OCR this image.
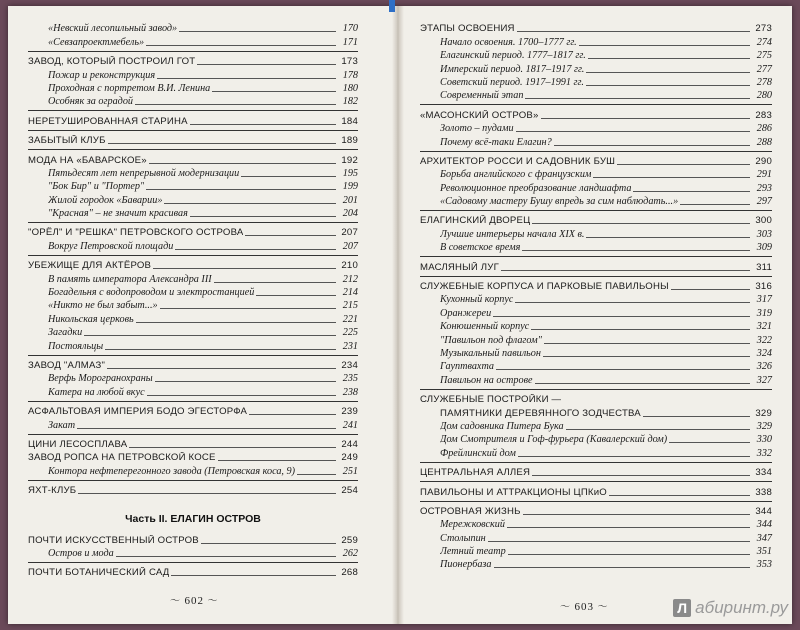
«Невский лесопильный завод»	170
«Севзапроектмебель»	171
ЗАВОД, КОТОРЫЙ ПОСТРОИЛ ГОТ	173
Пожар и реконструкция	178
Проходная с портретом В.И. Ленина	180
Особняк за оградой	182
НЕРЕТУШИРОВАННАЯ СТАРИНА	184
ЗАБЫТЫЙ КЛУБ	189
МОДА НА «БАВАРСКОЕ»	192
Пятьдесят лет непрерывной модернизации	195
"Бок Бир" и "Портер"	199
Жилой городок «Баварии»	201
"Красная" – не значит красивая	204
"ОРЁЛ" И "РЕШКА" ПЕТРОВСКОГО ОСТРОВА	207
Вокруг Петровской площади	207
УБЕЖИЩЕ ДЛЯ АКТЁРОВ	210
В память императора Александра III	212
Богадельня с водопроводом и электростанцией	214
«Никто не был забыт...»	215
Никольская церковь	221
Загадки	225
Постояльцы	231
ЗАВОД "АЛМАЗ"	234
Верфь Морогранохраны	235
Катера на любой вкус	238
АСФАЛЬТОВАЯ ИМПЕРИЯ БОДО ЭГЕСТОРФА	239
Закат	241
ЦИНИ ЛЕСОСПЛАВА	244
ЗАВОД РОПСА НА ПЕТРОВСКОЙ КОСЕ	249
Контора нефтеперегонного завода (Петровская коса, 9)	251
ЯХТ-КЛУБ	254
Часть II. ЕЛАГИН ОСТРОВ
ПОЧТИ ИСКУССТВЕННЫЙ ОСТРОВ	259
Остров и мода	262
ПОЧТИ БОТАНИЧЕСКИЙ САД	268
〜 602 〜
ЭТАПЫ ОСВОЕНИЯ	273
Начало освоения. 1700–1777 гг.	274
Елагинский период. 1777–1817 гг.	275
Имперский период. 1817–1917 гг.	277
Советский период. 1917–1991 гг.	278
Современный этап	280
«МАСОНСКИЙ ОСТРОВ»	283
Золото – пудами	286
Почему всё-таки Елагин?	288
АРХИТЕКТОР РОССИ И САДОВНИК БУШ	290
Борьба английского с французским	291
Революционное преобразование ландшафта	293
«Садовому мастеру Бушу впредь за сим наблюдать...»	297
ЕЛАГИНСКИЙ ДВОРЕЦ	300
Лучшие интерьеры начала XIX в.	303
В советское время	309
МАСЛЯНЫЙ ЛУГ	311
СЛУЖЕБНЫЕ КОРПУСА И ПАРКОВЫЕ ПАВИЛЬОНЫ	316
Кухонный корпус	317
Оранжереи	319
Конюшенный корпус	321
"Павильон под флагом"	322
Музыкальный павильон	324
Гауптвахта	326
Павильон на острове	327
СЛУЖЕБНЫЕ ПОСТРОЙКИ —
ПАМЯТНИКИ ДЕРЕВЯННОГО ЗОДЧЕСТВА	329
Дом садовника Питера Бука	329
Дом Смотрителя и Гоф-фурьера (Кавалерский дом)	330
Фрейлинский дом	332
ЦЕНТРАЛЬНАЯ АЛЛЕЯ	334
ПАВИЛЬОНЫ И АТТРАКЦИОНЫ ЦПКиО	338
ОСТРОВНАЯ ЖИЗНЬ	344
Мережковский	344
Столыпин	347
Летний театр	351
Пионербаза	353
〜 603 〜	Л абиринт.ру
